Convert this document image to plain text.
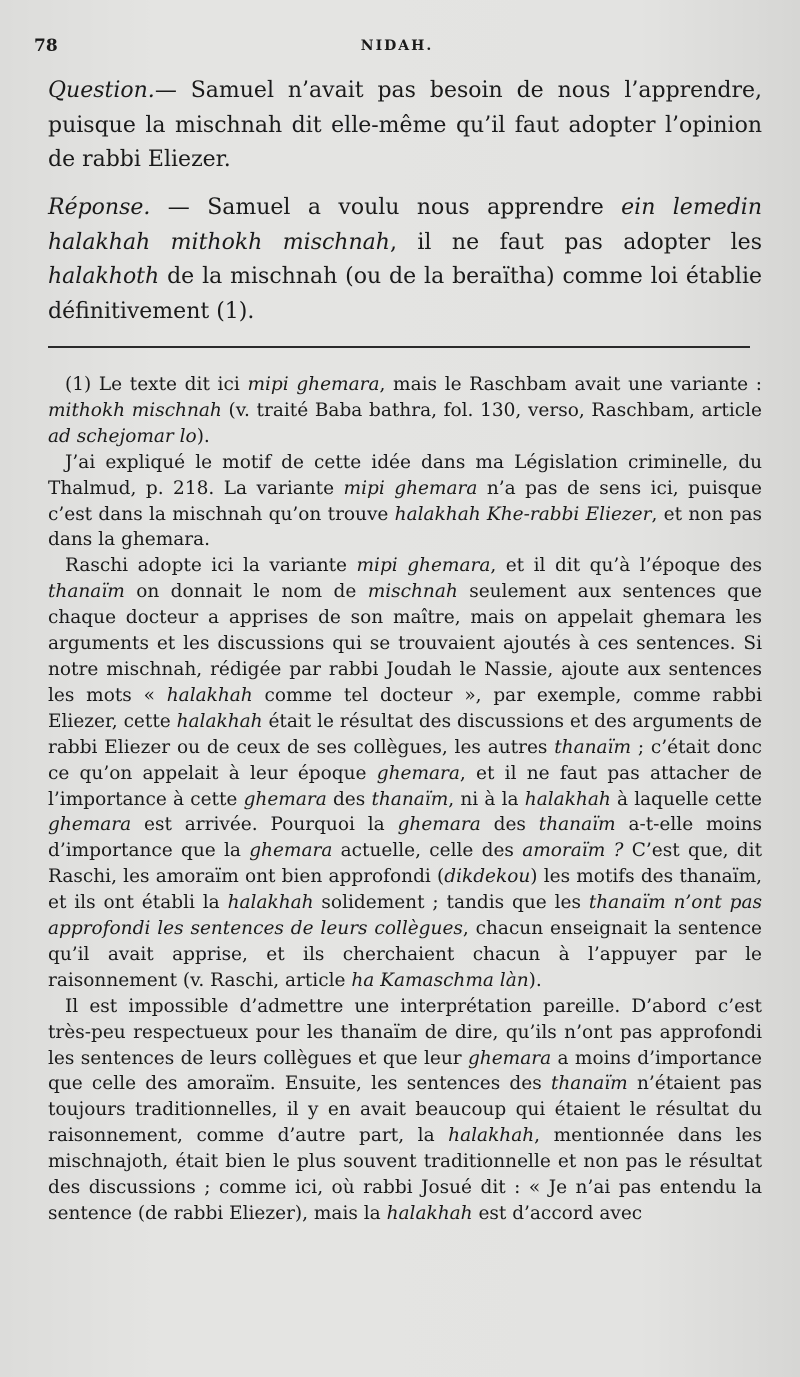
78	NIDAH.

Question.— Samuel n’avait pas besoin de nous l’apprendre, puisque la mischnah dit elle-même qu’il faut adopter l’opinion de rabbi Eliezer.

Réponse. — Samuel a voulu nous apprendre ein lemedin halakhah mithokh mischnah, il ne faut pas adopter les halakhoth de la mischnah (ou de la beraïtha) comme loi établie définitivement (1).

(1) Le texte dit ici mipi ghemara, mais le Raschbam avait une variante : mithokh mischnah (v. traité Baba bathra, fol. 130, verso, Raschbam, article ad schejomar lo).

J’ai expliqué le motif de cette idée dans ma Législation criminelle, du Thalmud, p. 218. La variante mipi ghemara n’a pas de sens ici, puisque c’est dans la mischnah qu’on trouve halakhah Khe-rabbi Eliezer, et non pas dans la ghemara.

Raschi adopte ici la variante mipi ghemara, et il dit qu’à l’époque des thanaïm on donnait le nom de mischnah seulement aux sentences que chaque docteur a apprises de son maître, mais on appelait ghemara les arguments et les discussions qui se trouvaient ajoutés à ces sentences. Si notre mischnah, rédigée par rabbi Joudah le Nassie, ajoute aux sentences les mots « halakhah comme tel docteur », par exemple, comme rabbi Eliezer, cette halakhah était le résultat des discussions et des arguments de rabbi Eliezer ou de ceux de ses collègues, les autres thanaïm ; c’était donc ce qu’on appelait à leur époque ghemara, et il ne faut pas attacher de l’importance à cette ghemara des thanaïm, ni à la halakhah à laquelle cette ghemara est arrivée. Pourquoi la ghemara des thanaïm a-t-elle moins d’importance que la ghemara actuelle, celle des amoraïm ? C’est que, dit Raschi, les amoraïm ont bien approfondi (dikdekou) les motifs des thanaïm, et ils ont établi la halakhah solidement ; tandis que les thanaïm n’ont pas approfondi les sentences de leurs collègues, chacun enseignait la sentence qu’il avait apprise, et ils cherchaient chacun à l’appuyer par le raisonnement (v. Raschi, article ha Kamaschma làn).

Il est impossible d’admettre une interprétation pareille. D’abord c’est très-peu respectueux pour les thanaïm de dire, qu’ils n’ont pas approfondi les sentences de leurs collègues et que leur ghemara a moins d’importance que celle des amoraïm. Ensuite, les sentences des thanaïm n’étaient pas toujours traditionnelles, il y en avait beaucoup qui étaient le résultat du raisonnement, comme d’autre part, la halakhah, mentionnée dans les mischnajoth, était bien le plus souvent traditionnelle et non pas le résultat des discussions ; comme ici, où rabbi Josué dit : « Je n’ai pas entendu la sentence (de rabbi Eliezer), mais la halakhah est d’accord avec
